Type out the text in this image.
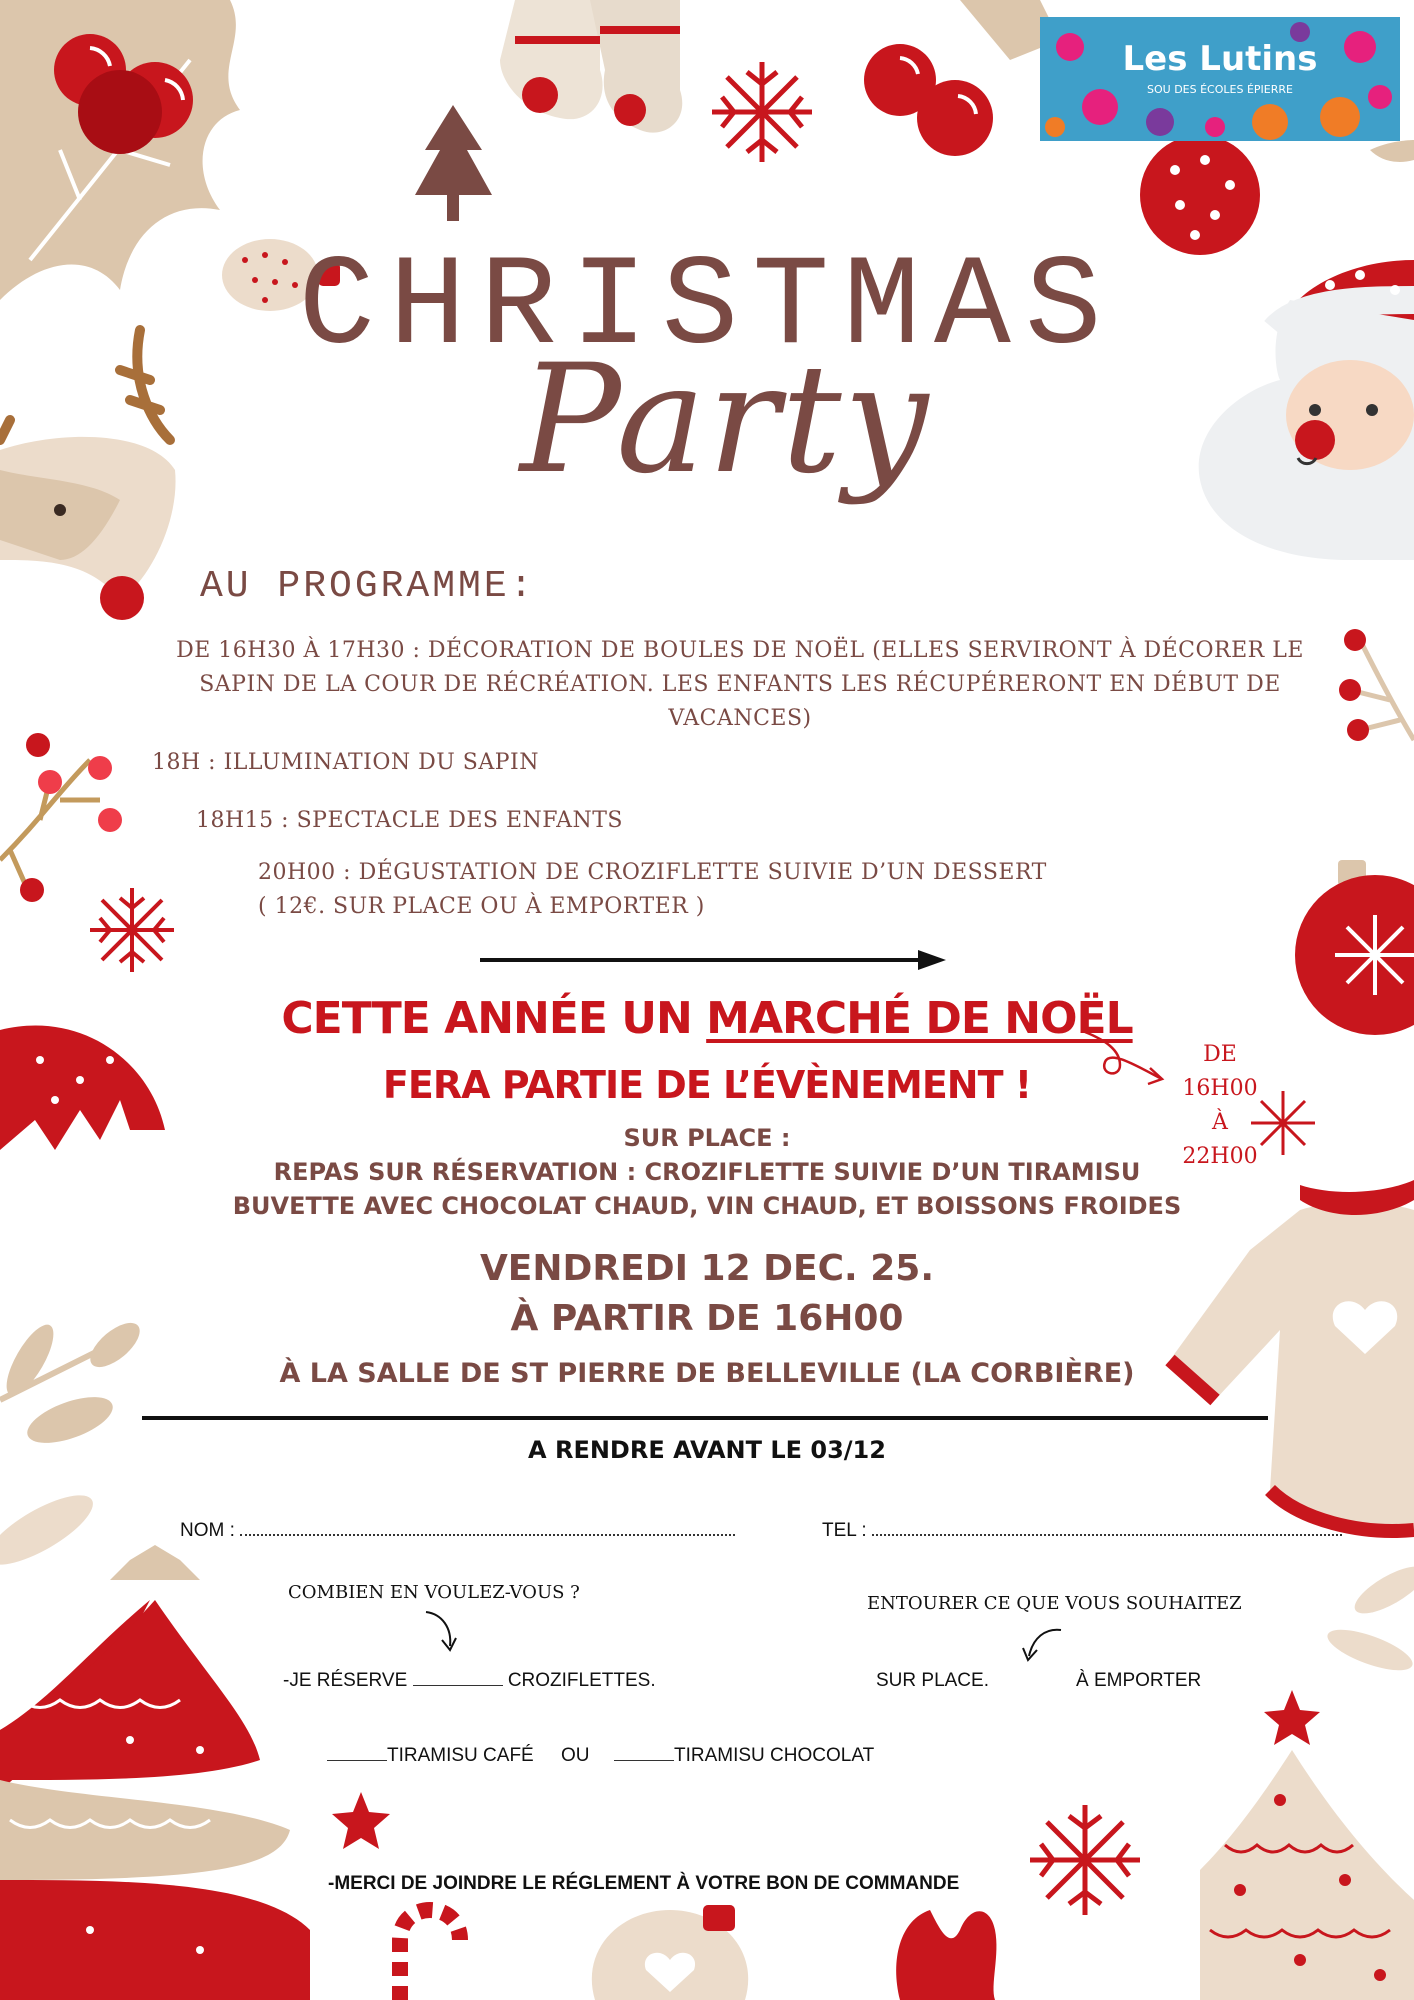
Les Lutins
SOU DES ÉCOLES ÉPIERRE
CHRISTMAS
Party
AU PROGRAMME:
DE 16H30 À 17H30 : DÉCORATION DE BOULES DE NOËL (ELLES SERVIRONT À DÉCORER LE SAPIN DE LA COUR DE RÉCRÉATION. LES ENFANTS LES RÉCUPÉRERONT EN DÉBUT DE VACANCES)
18H : ILLUMINATION DU SAPIN
18H15 : SPECTACLE DES ENFANTS
20H00 : DÉGUSTATION DE CROZIFLETTE SUIVIE D’UN DESSERT
( 12€. SUR PLACE OU À EMPORTER )
CETTE ANNÉE UN MARCHÉ DE NOËL
FERA PARTIE DE L’ÉVÈNEMENT !
DE
16H00
À
22H00
SUR PLACE :
REPAS SUR RÉSERVATION : CROZIFLETTE SUIVIE D’UN TIRAMISU
BUVETTE AVEC CHOCOLAT CHAUD, VIN CHAUD, ET BOISSONS FROIDES
VENDREDI 12 DEC. 25.
À PARTIR DE 16H00
À LA SALLE DE ST PIERRE DE BELLEVILLE (LA CORBIÈRE)
A RENDRE AVANT LE 03/12
NOM :	TEL :
COMBIEN EN VOULEZ-VOUS ?
ENTOURER CE QUE VOUS SOUHAITEZ
-JE RÉSERVE	CROZIFLETTES.	SUR PLACE.	À EMPORTER
TIRAMISU CAFÉ OU	TIRAMISU CHOCOLAT
-MERCI DE JOINDRE LE RÉGLEMENT À VOTRE BON DE COMMANDE
